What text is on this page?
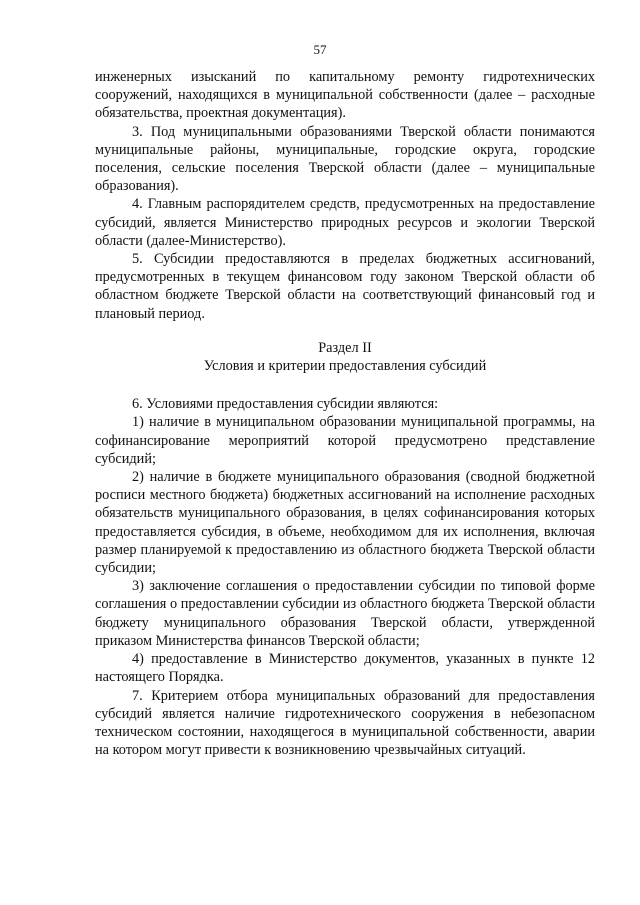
57

инженерных изысканий по капитальному ремонту гидротехнических сооружений, находящихся в муниципальной собственности (далее – расходные обязательства, проектная документация).

3. Под муниципальными образованиями Тверской области понимаются муниципальные районы, муниципальные, городские округа, городские поселения, сельские поселения Тверской области (далее – муниципальные образования).

4. Главным распорядителем средств, предусмотренных на предоставление субсидий, является Министерство природных ресурсов и экологии Тверской области (далее-Министерство).

5. Субсидии предоставляются в пределах бюджетных ассигнований, предусмотренных в текущем финансовом году законом Тверской области об областном бюджете Тверской области на соответствующий финансовый год и плановый период.

Раздел II
Условия и критерии предоставления субсидий

6. Условиями предоставления субсидии являются:

1) наличие в муниципальном образовании муниципальной программы, на софинансирование мероприятий которой предусмотрено представление субсидий;

2) наличие в бюджете муниципального образования (сводной бюджетной росписи местного бюджета) бюджетных ассигнований на исполнение расходных обязательств муниципального образования, в целях софинансирования которых предоставляется субсидия, в объеме, необходимом для их исполнения, включая размер планируемой к предоставлению из областного бюджета Тверской области субсидии;

3) заключение соглашения о предоставлении субсидии по типовой форме соглашения о предоставлении субсидии из областного бюджета Тверской области бюджету муниципального образования Тверской области, утвержденной приказом Министерства финансов Тверской области;

4) предоставление в Министерство документов, указанных в пункте 12 настоящего Порядка.

7. Критерием отбора муниципальных образований для предоставления субсидий является наличие гидротехнического сооружения в небезопасном техническом состоянии, находящегося в муниципальной собственности, аварии на котором могут привести к возникновению чрезвычайных ситуаций.
